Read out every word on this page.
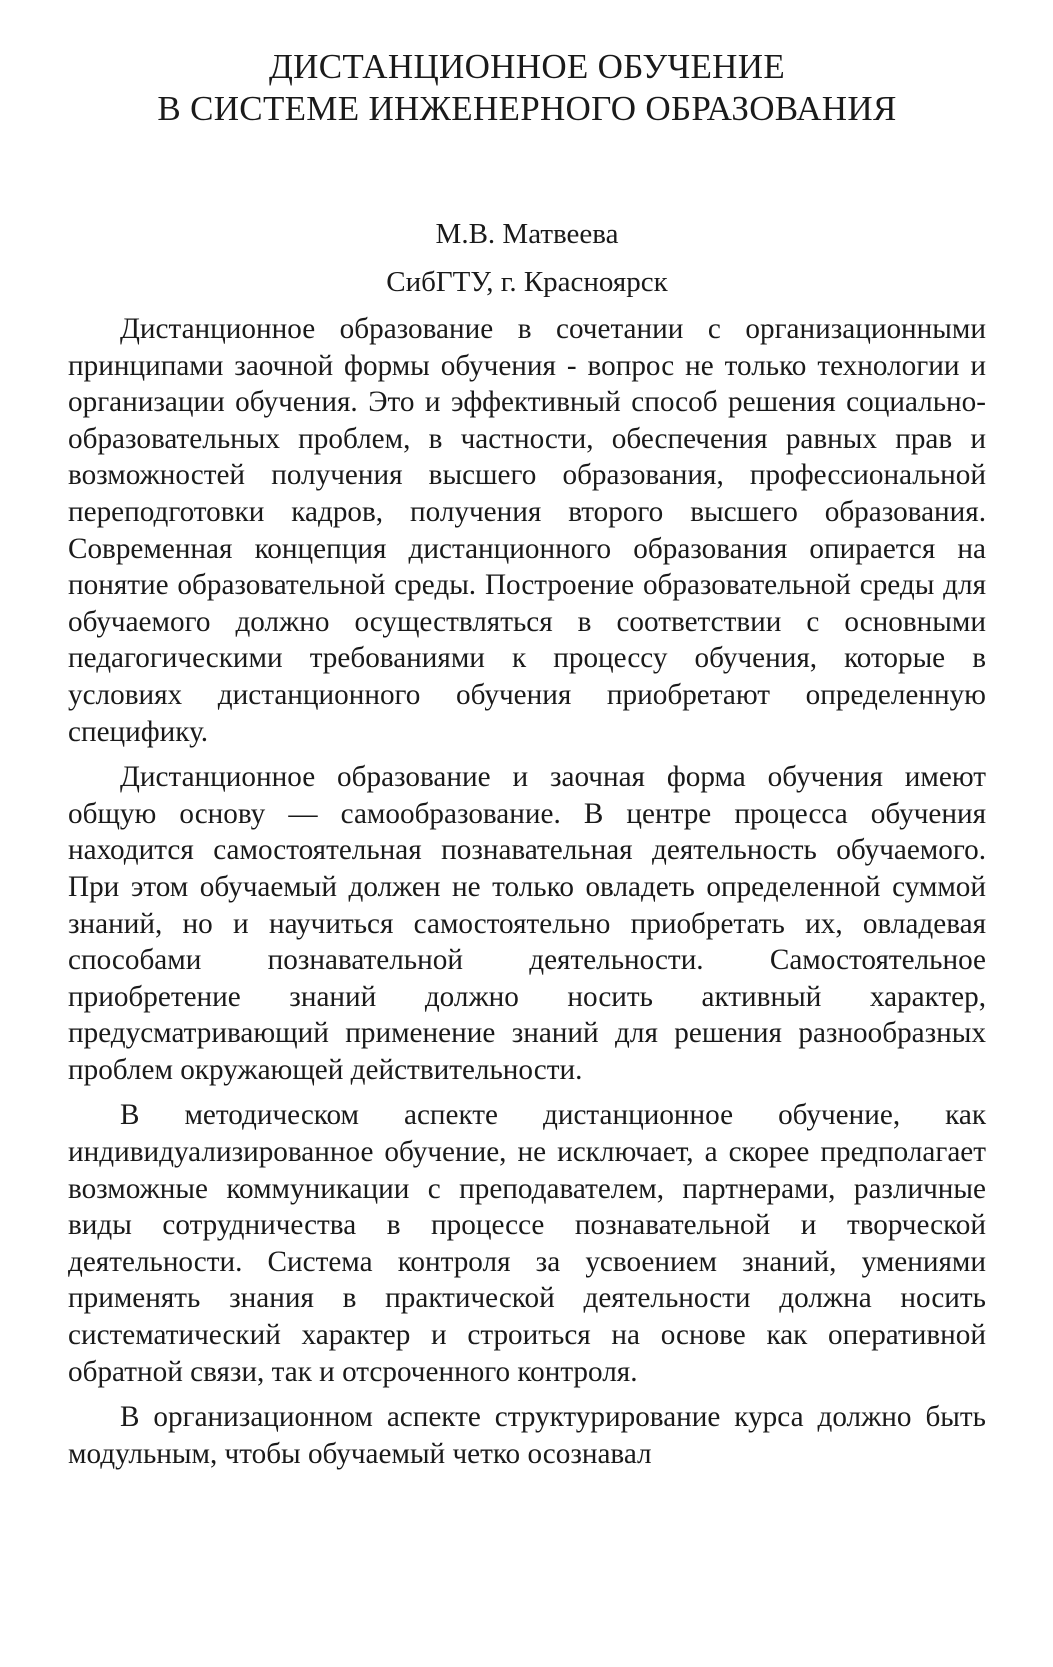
ДИСТАНЦИОННОЕ ОБУЧЕНИЕ
В СИСТЕМЕ ИНЖЕНЕРНОГО ОБРАЗОВАНИЯ

М.В. Матвеева

СибГТУ, г. Красноярск

Дистанционное образование в сочетании с организационными принципами заочной формы обучения - вопрос не только технологии и организации обучения. Это и эффективный способ решения социально-образовательных проблем, в частности, обеспечения равных прав и возможностей получения высшего образования, профессиональной переподготовки кадров, получения второго высшего образования. Современная концепция дистанционного образования опирается на понятие образовательной среды. Построение образовательной среды для обучаемого должно осуществляться в соответствии с основными педагогическими требованиями к процессу обучения, которые в условиях дистанционного обучения приобретают определенную специфику.

Дистанционное образование и заочная форма обучения имеют общую основу — самообразование. В центре процесса обучения находится самостоятельная познавательная деятельность обучаемого. При этом обучаемый должен не только овладеть определенной суммой знаний, но и научиться самостоятельно приобретать их, овладевая способами познавательной деятельности. Самостоятельное приобретение знаний должно носить активный характер, предусматривающий применение знаний для решения разнообразных проблем окружающей действительности.

В методическом аспекте дистанционное обучение, как индивидуализированное обучение, не исключает, а скорее предполагает возможные коммуникации с преподавателем, партнерами, различные виды сотрудничества в процессе познавательной и творческой деятельности. Система контроля за усвоением знаний, умениями применять знания в практической деятельности должна носить систематический характер и строиться на основе как оперативной обратной связи, так и отсроченного контроля.

В организационном аспекте структурирование курса должно быть модульным, чтобы обучаемый четко осознавал
